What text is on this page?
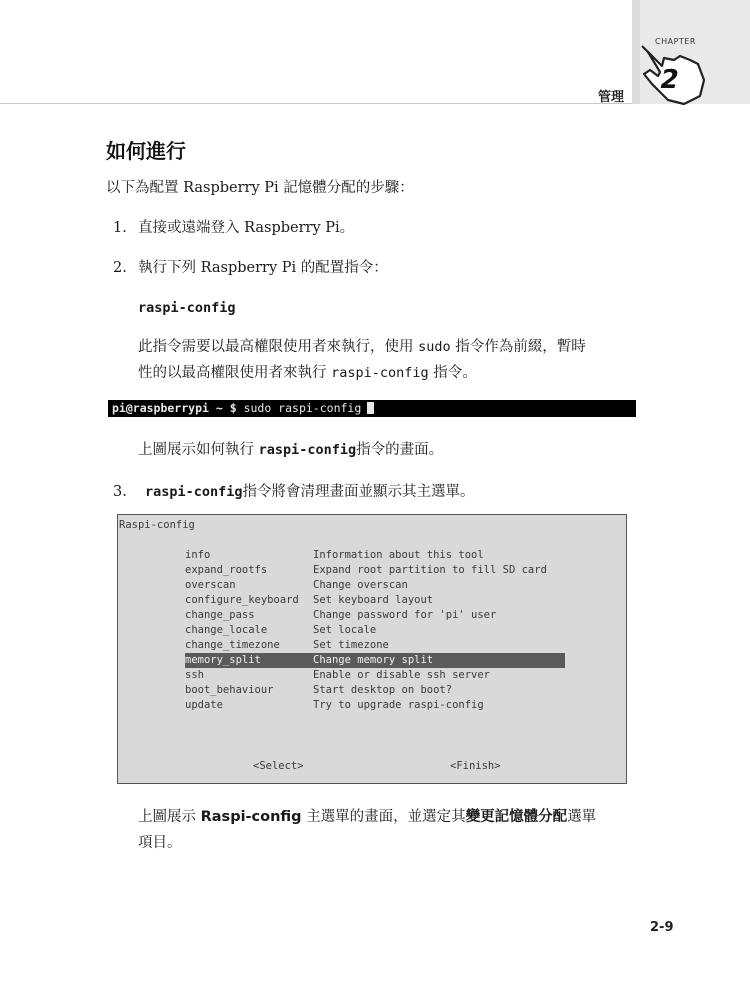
CHAPTER
2
管理
如何進行
以下為配置 Raspberry Pi 記憶體分配的步驟：
1. 直接或遠端登入 Raspberry Pi。
2. 執行下列 Raspberry Pi 的配置指令：
raspi-config
此指令需要以最高權限使用者來執行，使用 sudo 指令作為前綴，暫時
性的以最高權限使用者來執行 raspi-config 指令。
pi@raspberrypi ~ $ sudo raspi-config
上圖展示如何執行 raspi-config指令的畫面。
3. raspi-config指令將會清理畫面並顯示其主選單。
Raspi-config
info	Information about this tool
expand_rootfs	Expand root partition to fill SD card
overscan	Change overscan
configure_keyboard Set keyboard layout
change_pass	Change password for 'pi' user
change_locale	Set locale
change_timezone	Set timezone
memory_split	Change memory split
ssh	Enable or disable ssh server
boot_behaviour	Start desktop on boot?
update	Try to upgrade raspi-config
<Select>	<Finish>
上圖展示 Raspi-config 主選單的畫面，並選定其變更記憶體分配選單
項目。
2-9
